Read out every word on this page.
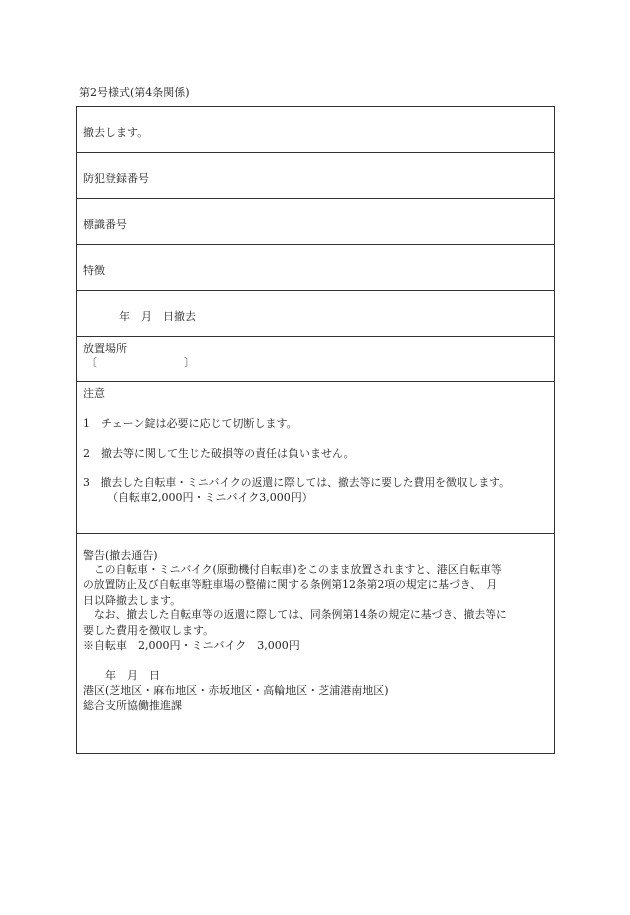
第2号様式(第4条関係)
撤去します。
防犯登録番号
標識番号
特徴
年　月　日撤去
放置場所
〔	〕
注意
1　チェーン錠は必要に応じて切断します。
2　撤去等に関して生じた破損等の責任は負いません。
3　撤去した自転車・ミニバイクの返還に際しては、撤去等に要した費用を徴収します。
（自転車2,000円・ミニバイク3,000円）
警告(撤去通告)
この自転車・ミニバイク(原動機付自転車)をこのまま放置されますと、港区自転車等
の放置防止及び自転車等駐車場の整備に関する条例第12条第2項の規定に基づき、　月
日以降撤去します。
なお、撤去した自転車等の返還に際しては、同条例第14条の規定に基づき、撤去等に
要した費用を徴収します。
※自転車　2,000円・ミニバイク　3,000円
年　月　日
港区(芝地区・麻布地区・赤坂地区・高輪地区・芝浦港南地区)
総合支所協働推進課
